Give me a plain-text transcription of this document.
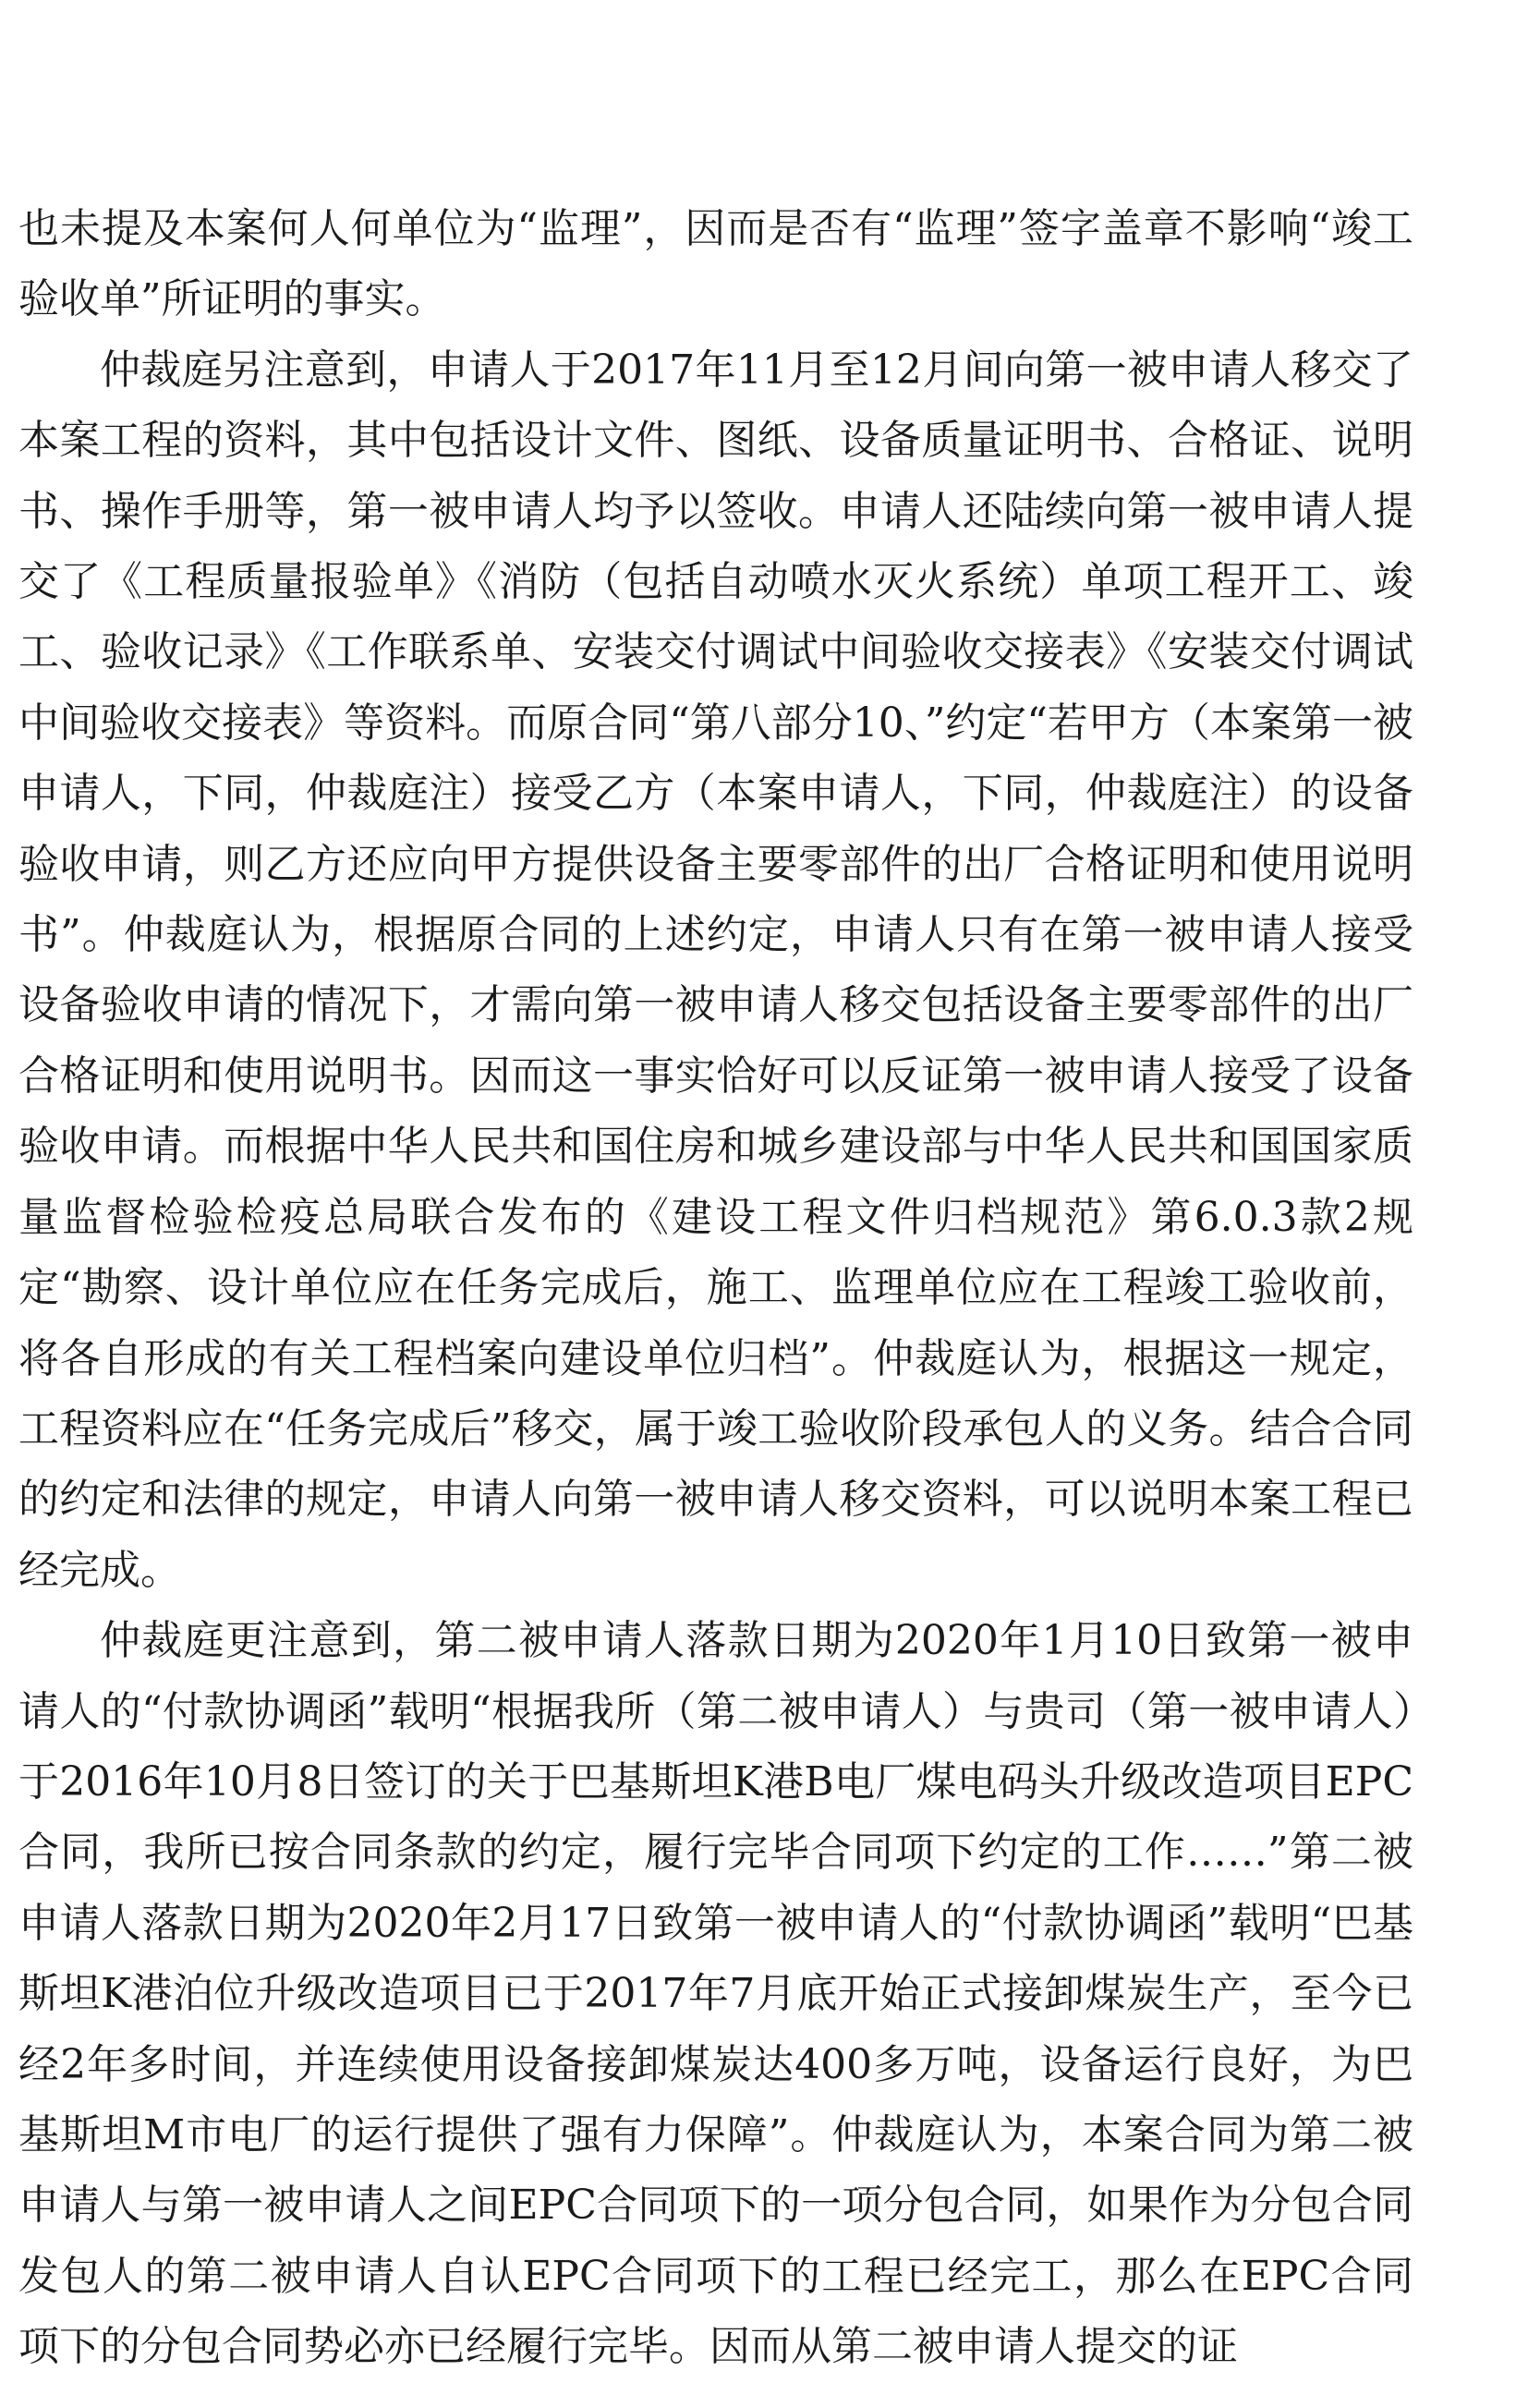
也未提及本案何人何单位为“监理”，因而是否有“监理”签字盖章不影响“竣工验收单”所证明的事实。

仲裁庭另注意到，申请人于2017年11月至12月间向第一被申请人移交了本案工程的资料，其中包括设计文件、图纸、设备质量证明书、合格证、说明书、操作手册等，第一被申请人均予以签收。申请人还陆续向第一被申请人提交了《工程质量报验单》《消防（包括自动喷水灭火系统）单项工程开工、竣工、验收记录》《工作联系单、安装交付调试中间验收交接表》《安装交付调试中间验收交接表》等资料。而原合同“第八部分10、”约定“若甲方（本案第一被申请人，下同，仲裁庭注）接受乙方（本案申请人，下同，仲裁庭注）的设备验收申请，则乙方还应向甲方提供设备主要零部件的出厂合格证明和使用说明书”。仲裁庭认为，根据原合同的上述约定，申请人只有在第一被申请人接受设备验收申请的情况下，才需向第一被申请人移交包括设备主要零部件的出厂合格证明和使用说明书。因而这一事实恰好可以反证第一被申请人接受了设备验收申请。而根据中华人民共和国住房和城乡建设部与中华人民共和国国家质量监督检验检疫总局联合发布的《建设工程文件归档规范》第6.0.3款2规定“勘察、设计单位应在任务完成后，施工、监理单位应在工程竣工验收前，将各自形成的有关工程档案向建设单位归档”。仲裁庭认为，根据这一规定，工程资料应在“任务完成后”移交，属于竣工验收阶段承包人的义务。结合合同的约定和法律的规定，申请人向第一被申请人移交资料，可以说明本案工程已经完成。

仲裁庭更注意到，第二被申请人落款日期为2020年1月10日致第一被申请人的“付款协调函”载明“根据我所（第二被申请人）与贵司（第一被申请人）于2016年10月8日签订的关于巴基斯坦K港B电厂煤电码头升级改造项目EPC合同，我所已按合同条款的约定，履行完毕合同项下约定的工作……”第二被申请人落款日期为2020年2月17日致第一被申请人的“付款协调函”载明“巴基斯坦K港泊位升级改造项目已于2017年7月底开始正式接卸煤炭生产，至今已经2年多时间，并连续使用设备接卸煤炭达400多万吨，设备运行良好，为巴基斯坦M市电厂的运行提供了强有力保障”。仲裁庭认为，本案合同为第二被申请人与第一被申请人之间EPC合同项下的一项分包合同，如果作为分包合同发包人的第二被申请人自认EPC合同项下的工程已经完工，那么在EPC合同项下的分包合同势必亦已经履行完毕。因而从第二被申请人提交的证
